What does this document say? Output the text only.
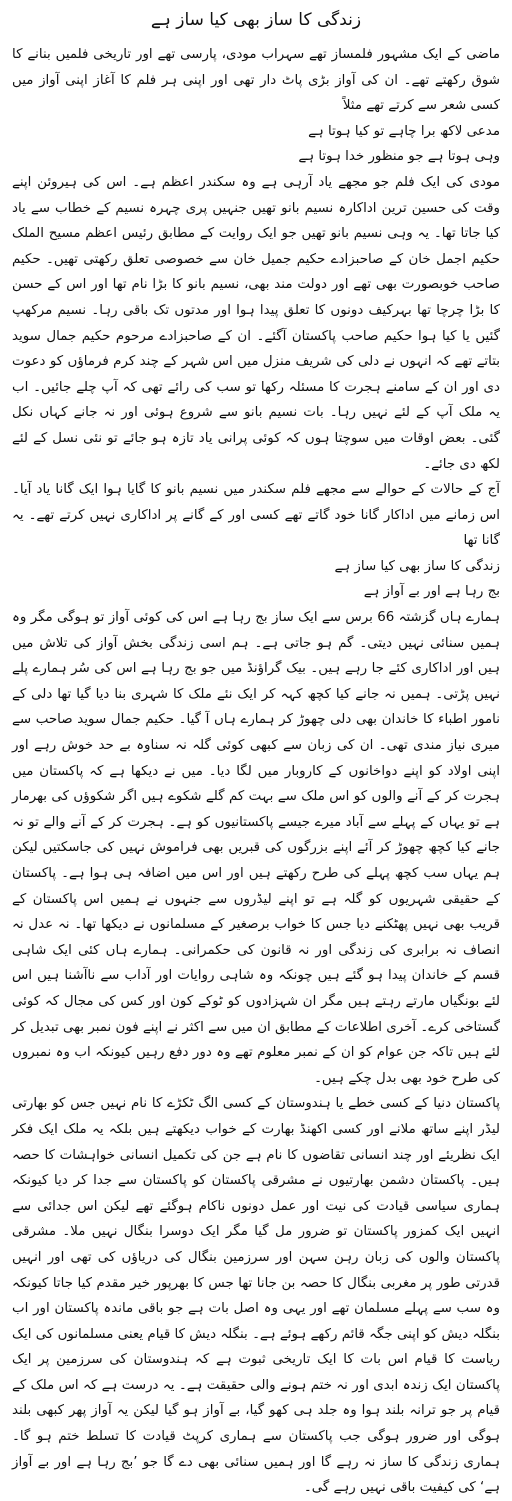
زندگی کا ساز بھی کیا ساز ہے

ماضی کے ایک مشہور فلمساز تھے سہراب مودی، پارسی تھے اور تاریخی فلمیں بنانے کا شوق رکھتے تھے۔ ان کی آواز بڑی پاٹ دار تھی اور اپنی ہر فلم کا آغاز اپنی آواز میں کسی شعر سے کرتے تھے مثلاً

مدعی لاکھ برا چاہے تو کیا ہوتا ہے

وہی ہوتا ہے جو منظور خدا ہوتا ہے

مودی کی ایک فلم جو مجھے یاد آرہی ہے وہ سکندر اعظم ہے۔ اس کی ہیروئن اپنے وقت کی حسین ترین اداکارہ نسیم بانو تھیں جنہیں پری چہرہ نسیم کے خطاب سے یاد کیا جاتا تھا۔ یہ وہی نسیم بانو تھیں جو ایک روایت کے مطابق رئیس اعظم مسیح الملک حکیم اجمل خان کے صاحبزادے حکیم جمیل خان سے خصوصی تعلق رکھتی تھیں۔ حکیم صاحب خوبصورت بھی تھے اور دولت مند بھی، نسیم بانو کا بڑا نام تھا اور اس کے حسن کا بڑا چرچا تھا بہرکیف دونوں کا تعلق پیدا ہوا اور مدتوں تک باقی رہا۔ نسیم مرکھپ گئیں یا کیا ہوا حکیم صاحب پاکستان آگئے۔ ان کے صاحبزادے مرحوم حکیم جمال سوید بتاتے تھے کہ انہوں نے دلی کی شریف منزل میں اس شہر کے چند کرم فرماؤں کو دعوت دی اور ان کے سامنے ہجرت کا مسئلہ رکھا تو سب کی رائے تھی کہ آپ چلے جائیں۔ اب یہ ملک آپ کے لئے نہیں رہا۔ بات نسیم بانو سے شروع ہوئی اور نہ جانے کہاں نکل گئی۔ بعض اوقات میں سوچتا ہوں کہ کوئی پرانی یاد تازہ ہو جائے تو نئی نسل کے لئے لکھ دی جائے۔

آج کے حالات کے حوالے سے مجھے فلم سکندر میں نسیم بانو کا گایا ہوا ایک گانا یاد آیا۔ اس زمانے میں اداکار گانا خود گاتے تھے کسی اور کے گانے پر اداکاری نہیں کرتے تھے۔ یہ گانا تھا

زندگی کا ساز بھی کیا ساز ہے

بج رہا ہے اور بے آواز ہے

ہمارے ہاں گزشتہ 66 برس سے ایک ساز بج رہا ہے اس کی کوئی آواز تو ہوگی مگر وہ ہمیں سنائی نہیں دیتی۔ گم ہو جاتی ہے۔ ہم اسی زندگی بخش آواز کی تلاش میں ہیں اور اداکاری کئے جا رہے ہیں۔ بیک گراؤنڈ میں جو بج رہا ہے اس کی سُر ہمارے پلے نہیں پڑتی۔ ہمیں نہ جانے کیا کچھ کہہ کر ایک نئے ملک کا شہری بنا دیا گیا تھا دلی کے نامور اطباء کا خاندان بھی دلی چھوڑ کر ہمارے ہاں آ گیا۔ حکیم جمال سوید صاحب سے میری نیاز مندی تھی۔ ان کی زبان سے کبھی کوئی گلہ نہ سناوہ بے حد خوش رہے اور اپنی اولاد کو اپنے دواخانوں کے کاروبار میں لگا دیا۔ میں نے دیکھا ہے کہ پاکستان میں ہجرت کر کے آنے والوں کو اس ملک سے بہت کم گلے شکوے ہیں اگر شکوؤں کی بھرمار ہے تو یہاں کے پہلے سے آباد میرے جیسے پاکستانیوں کو ہے۔ ہجرت کر کے آنے والے تو نہ جانے کیا کچھ چھوڑ کر آئے اپنے بزرگوں کی قبریں بھی فراموش نہیں کی جاسکتیں لیکن ہم یہاں سب کچھ پہلے کی طرح رکھتے ہیں اور اس میں اضافہ ہی ہوا ہے۔ پاکستان کے حقیقی شہریوں کو گلہ ہے تو اپنے لیڈروں سے جنہوں نے ہمیں اس پاکستان کے قریب بھی نہیں پھٹکنے دیا جس کا خواب برصغیر کے مسلمانوں نے دیکھا تھا۔ نہ عدل نہ انصاف نہ برابری کی زندگی اور نہ قانون کی حکمرانی۔ ہمارے ہاں کئی ایک شاہی قسم کے خاندان پیدا ہو گئے ہیں چونکہ وہ شاہی روایات اور آداب سے ناآشنا ہیں اس لئے بونگیاں مارتے رہتے ہیں مگر ان شہزادوں کو ٹوکے کون اور کس کی مجال کہ کوئی گستاخی کرے۔ آخری اطلاعات کے مطابق ان میں سے اکثر نے اپنے فون نمبر بھی تبدیل کر لئے ہیں تاکہ جن عوام کو ان کے نمبر معلوم تھے وہ دور دفع رہیں کیونکہ اب وہ نمبروں کی طرح خود بھی بدل چکے ہیں۔

پاکستان دنیا کے کسی خطے یا ہندوستان کے کسی الگ ٹکڑے کا نام نہیں جس کو بھارتی لیڈر اپنے ساتھ ملانے اور کسی اکھنڈ بھارت کے خواب دیکھتے ہیں بلکہ یہ ملک ایک فکر ایک نظریئے اور چند انسانی تقاضوں کا نام ہے جن کی تکمیل انسانی خواہشات کا حصہ ہیں۔ پاکستان دشمن بھارتیوں نے مشرقی پاکستان کو پاکستان سے جدا کر دیا کیونکہ ہماری سیاسی قیادت کی نیت اور عمل دونوں ناکام ہوگئے تھے لیکن اس جدائی سے انہیں ایک کمزور پاکستان تو ضرور مل گیا مگر ایک دوسرا بنگال نہیں ملا۔ مشرقی پاکستان والوں کی زبان رہن سہن اور سرزمین بنگال کی دریاؤں کی تھی اور انہیں قدرتی طور پر مغربی بنگال کا حصہ بن جانا تھا جس کا بھرپور خیر مقدم کیا جاتا کیونکہ وہ سب سے پہلے مسلمان تھے اور یہی وہ اصل بات ہے جو باقی ماندہ پاکستان اور اب بنگلہ دیش کو اپنی جگہ قائم رکھے ہوئے ہے۔ بنگلہ دیش کا قیام یعنی مسلمانوں کی ایک ریاست کا قیام اس بات کا ایک تاریخی ثبوت ہے کہ ہندوستان کی سرزمین پر ایک پاکستان ایک زندہ ابدی اور نہ ختم ہونے والی حقیقت ہے۔ یہ درست ہے کہ اس ملک کے قیام پر جو ترانہ بلند ہوا وہ جلد ہی کھو گیا، بے آواز ہو گیا لیکن یہ آواز پھر کبھی بلند ہوگی اور ضرور ہوگی جب پاکستان سے ہماری کرپٹ قیادت کا تسلط ختم ہو گا۔ ہماری زندگی کا ساز نہ رہے گا اور ہمیں سنائی بھی دے گا جو ’بج رہا ہے اور بے آواز ہے‘ کی کیفیت باقی نہیں رہے گی۔
